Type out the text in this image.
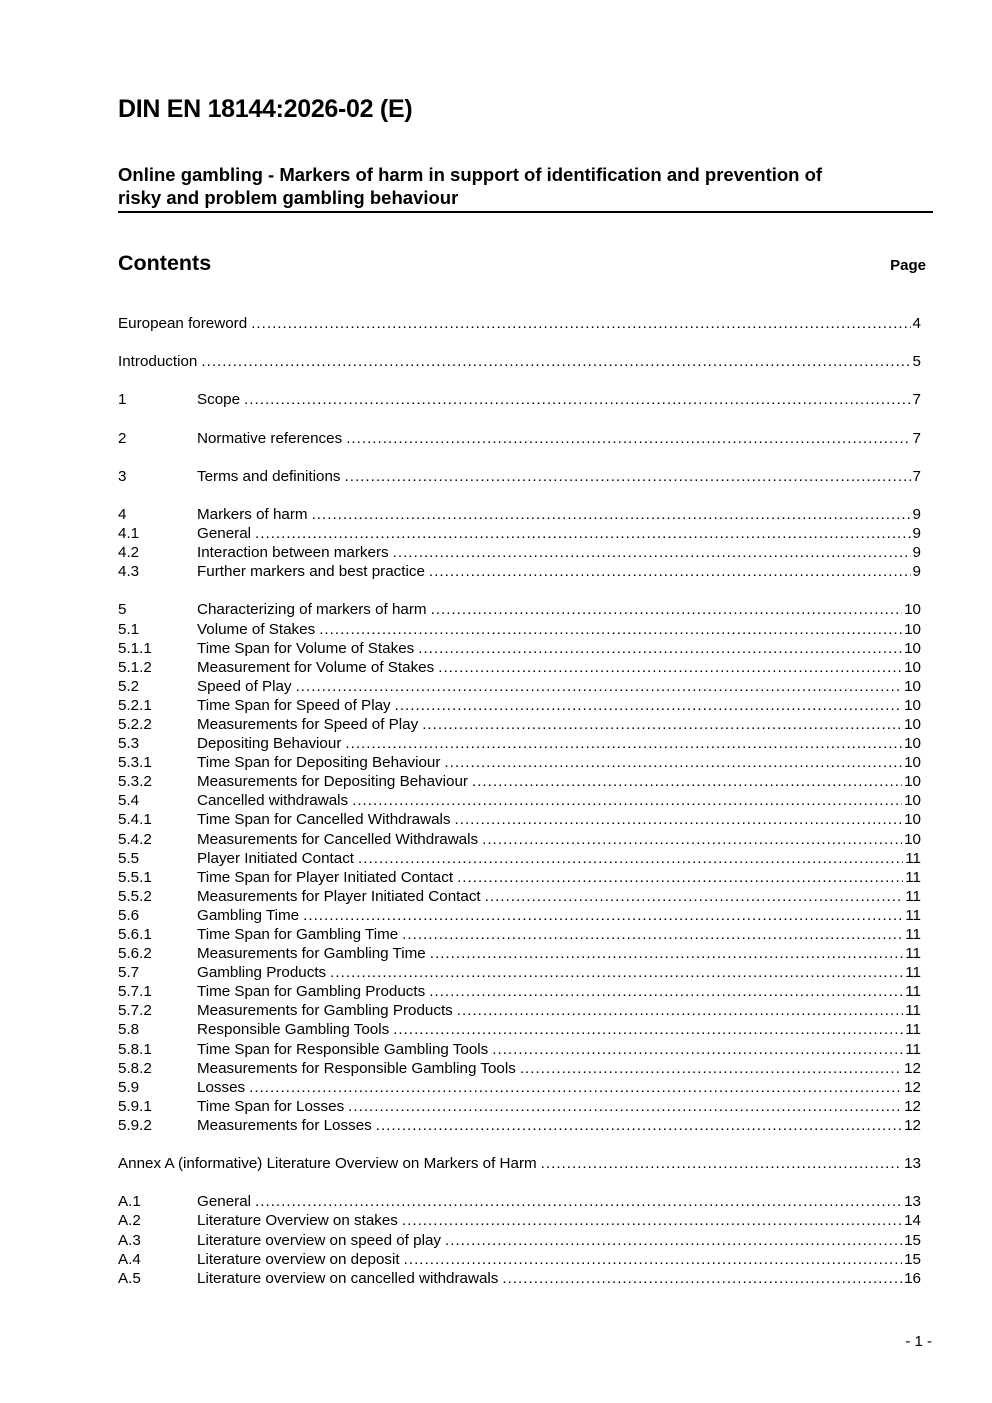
DIN EN 18144:2026-02 (E)
Online gambling - Markers of harm in support of identification and prevention of
risky and problem gambling behaviour
Contents	Page
European foreword .....	4
Introduction .....	5
1	Scope .....	7
2	Normative references .....	7
3	Terms and definitions .....	7
4	Markers of harm .....	9
4.1	General .....	9
4.2	Interaction between markers .....	9
4.3	Further markers and best practice .....	9
5	Characterizing of markers of harm .....	10
5.1	Volume of Stakes .....	10
5.1.1	Time Span for Volume of Stakes .....	10
5.1.2	Measurement for Volume of Stakes .....	10
5.2	Speed of Play .....	10
5.2.1	Time Span for Speed of Play .....	10
5.2.2	Measurements for Speed of Play .....	10
5.3	Depositing Behaviour .....	10
5.3.1	Time Span for Depositing Behaviour .....	10
5.3.2	Measurements for Depositing Behaviour .....	10
5.4	Cancelled withdrawals .....	10
5.4.1	Time Span for Cancelled Withdrawals .....	10
5.4.2	Measurements for Cancelled Withdrawals .....	10
5.5	Player Initiated Contact .....	11
5.5.1	Time Span for Player Initiated Contact .....	11
5.5.2	Measurements for Player Initiated Contact .....	11
5.6	Gambling Time .....	11
5.6.1	Time Span for Gambling Time .....	11
5.6.2	Measurements for Gambling Time .....	11
5.7	Gambling Products .....	11
5.7.1	Time Span for Gambling Products .....	11
5.7.2	Measurements for Gambling Products .....	11
5.8	Responsible Gambling Tools .....	11
5.8.1	Time Span for Responsible Gambling Tools .....	11
5.8.2	Measurements for Responsible Gambling Tools .....	12
5.9	Losses .....	12
5.9.1	Time Span for Losses .....	12
5.9.2	Measurements for Losses .....	12
Annex A (informative) Literature Overview on Markers of Harm .....	13
A.1	General .....	13
A.2	Literature Overview on stakes .....	14
A.3	Literature overview on speed of play .....	15
A.4	Literature overview on deposit .....	15
A.5	Literature overview on cancelled withdrawals .....	16
- 1 -
